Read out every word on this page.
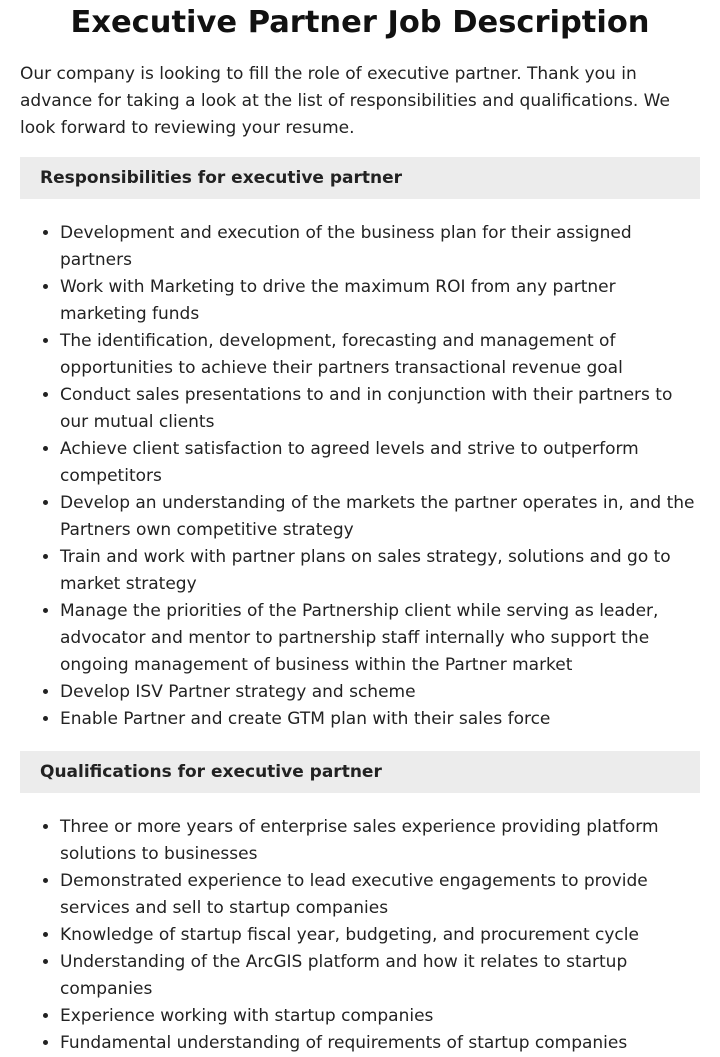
Executive Partner Job Description

Our company is looking to fill the role of executive partner. Thank you in advance for taking a look at the list of responsibilities and qualifications. We look forward to reviewing your resume.

Responsibilities for executive partner
• Development and execution of the business plan for their assigned partners
• Work with Marketing to drive the maximum ROI from any partner marketing funds
• The identification, development, forecasting and management of opportunities to achieve their partners transactional revenue goal
• Conduct sales presentations to and in conjunction with their partners to our mutual clients
• Achieve client satisfaction to agreed levels and strive to outperform competitors
• Develop an understanding of the markets the partner operates in, and the Partners own competitive strategy
• Train and work with partner plans on sales strategy, solutions and go to market strategy
• Manage the priorities of the Partnership client while serving as leader, advocator and mentor to partnership staff internally who support the ongoing management of business within the Partner market
• Develop ISV Partner strategy and scheme
• Enable Partner and create GTM plan with their sales force
Qualifications for executive partner
• Three or more years of enterprise sales experience providing platform solutions to businesses
• Demonstrated experience to lead executive engagements to provide services and sell to startup companies
• Knowledge of startup fiscal year, budgeting, and procurement cycle
• Understanding of the ArcGIS platform and how it relates to startup companies
• Experience working with startup companies
• Fundamental understanding of requirements of startup companies
